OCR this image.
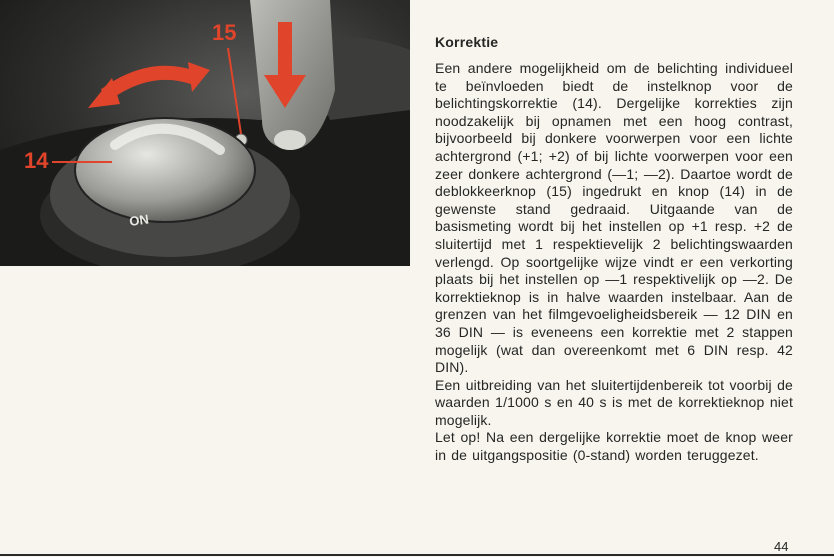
ON
15
14
Korrektie

Een andere mogelijkheid om de belichting individueel te beïnvloeden biedt de instelknop voor de belichtingskorrektie (14). Dergelijke korrekties zijn noodzakelijk bij opnamen met een hoog contrast, bijvoorbeeld bij donkere voorwerpen voor een lichte achtergrond (+1; +2) of bij lichte voorwerpen voor een zeer donkere achtergrond (—1; —2). Daartoe wordt de deblokkeerknop (15) ingedrukt en knop (14) in de gewenste stand gedraaid. Uitgaande van de basismeting wordt bij het instellen op +1 resp. +2 de sluitertijd met 1 respektievelijk 2 belichtingswaarden verlengd. Op soortgelijke wijze vindt er een verkorting plaats bij het instellen op —1 respektivelijk op —2. De korrektieknop is in halve waarden instelbaar. Aan de grenzen van het filmgevoeligheidsbereik — 12 DIN en 36 DIN — is eveneens een korrektie met 2 stappen mogelijk (wat dan overeenkomt met 6 DIN resp. 42 DIN).

Een uitbreiding van het sluitertijdenbereik tot voorbij de waarden 1/1000 s en 40 s is met de korrektieknop niet mogelijk.

Let op! Na een dergelijke korrektie moet de knop weer in de uitgangspositie (0-stand) worden teruggezet.

44
